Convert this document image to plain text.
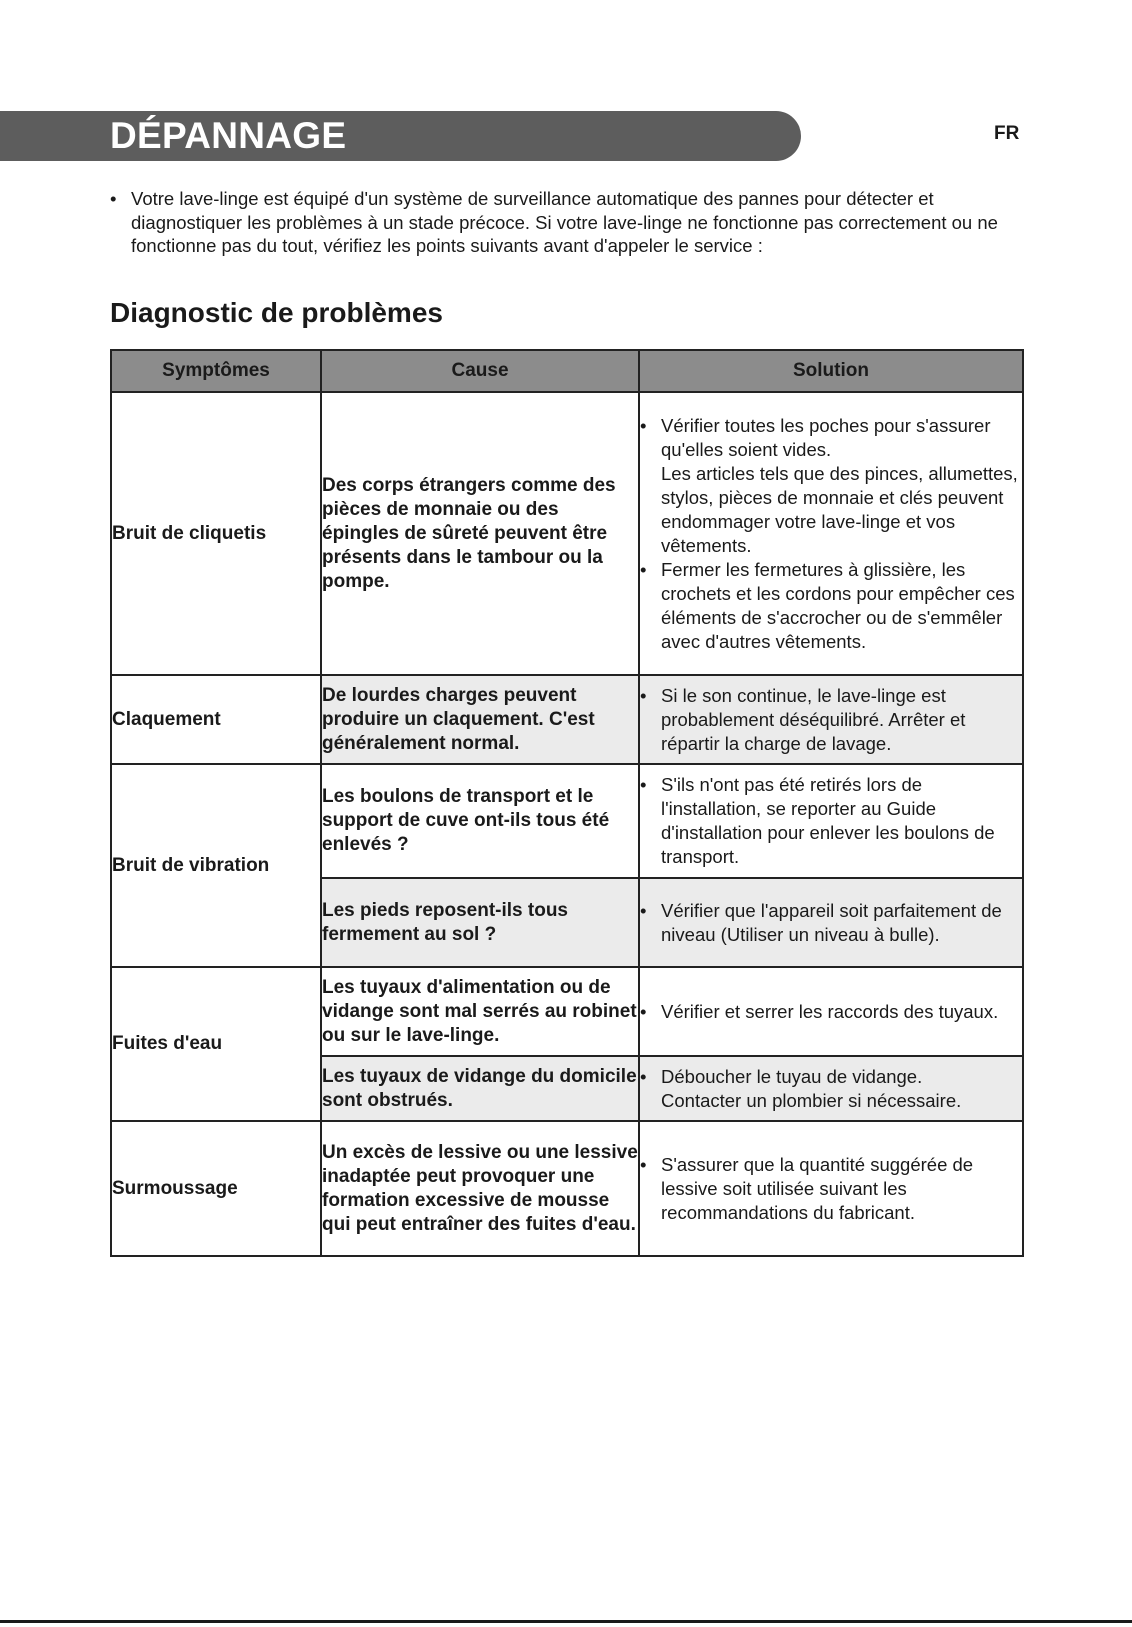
DÉPANNAGE	FR
• Votre lave-linge est équipé d'un système de surveillance automatique des pannes pour détecter et diagnostiquer les problèmes à un stade précoce. Si votre lave-linge ne fonctionne pas correctement ou ne fonctionne pas du tout, vérifiez les points suivants avant d'appeler le service :
Diagnostic de problèmes
Symptômes	Cause	Solution
Bruit de cliquetis	Des corps étrangers comme des pièces de monnaie ou des épingles de sûreté peuvent être présents dans le tambour ou la pompe.	• Vérifier toutes les poches pour s'assurer qu'elles soient vides.
Les articles tels que des pinces, allumettes, stylos, pièces de monnaie et clés peuvent endommager votre lave-linge et vos vêtements.
• Fermer les fermetures à glissière, les crochets et les cordons pour empêcher ces éléments de s'accrocher ou de s'emmêler avec d'autres vêtements.

Claquement	De lourdes charges peuvent produire un claquement. C'est généralement normal.	• Si le son continue, le lave-linge est probablement déséquilibré. Arrêter et répartir la charge de lavage.

Bruit de vibration	Les boulons de transport et le support de cuve ont-ils tous été enlevés ?	• S'ils n'ont pas été retirés lors de l'installation, se reporter au Guide d'installation pour enlever les boulons de transport.

	Les pieds reposent-ils tous fermement au sol ?	• Vérifier que l'appareil soit parfaitement de niveau (Utiliser un niveau à bulle).

Fuites d'eau	Les tuyaux d'alimentation ou de vidange sont mal serrés au robinet ou sur le lave-linge.	• Vérifier et serrer les raccords des tuyaux.

	Les tuyaux de vidange du domicile sont obstrués.	• Déboucher le tuyau de vidange.
Contacter un plombier si nécessaire.

Surmoussage	Un excès de lessive ou une lessive inadaptée peut provoquer une formation excessive de mousse qui peut entraîner des fuites d'eau.	• S'assurer que la quantité suggérée de lessive soit utilisée suivant les recommandations du fabricant.
